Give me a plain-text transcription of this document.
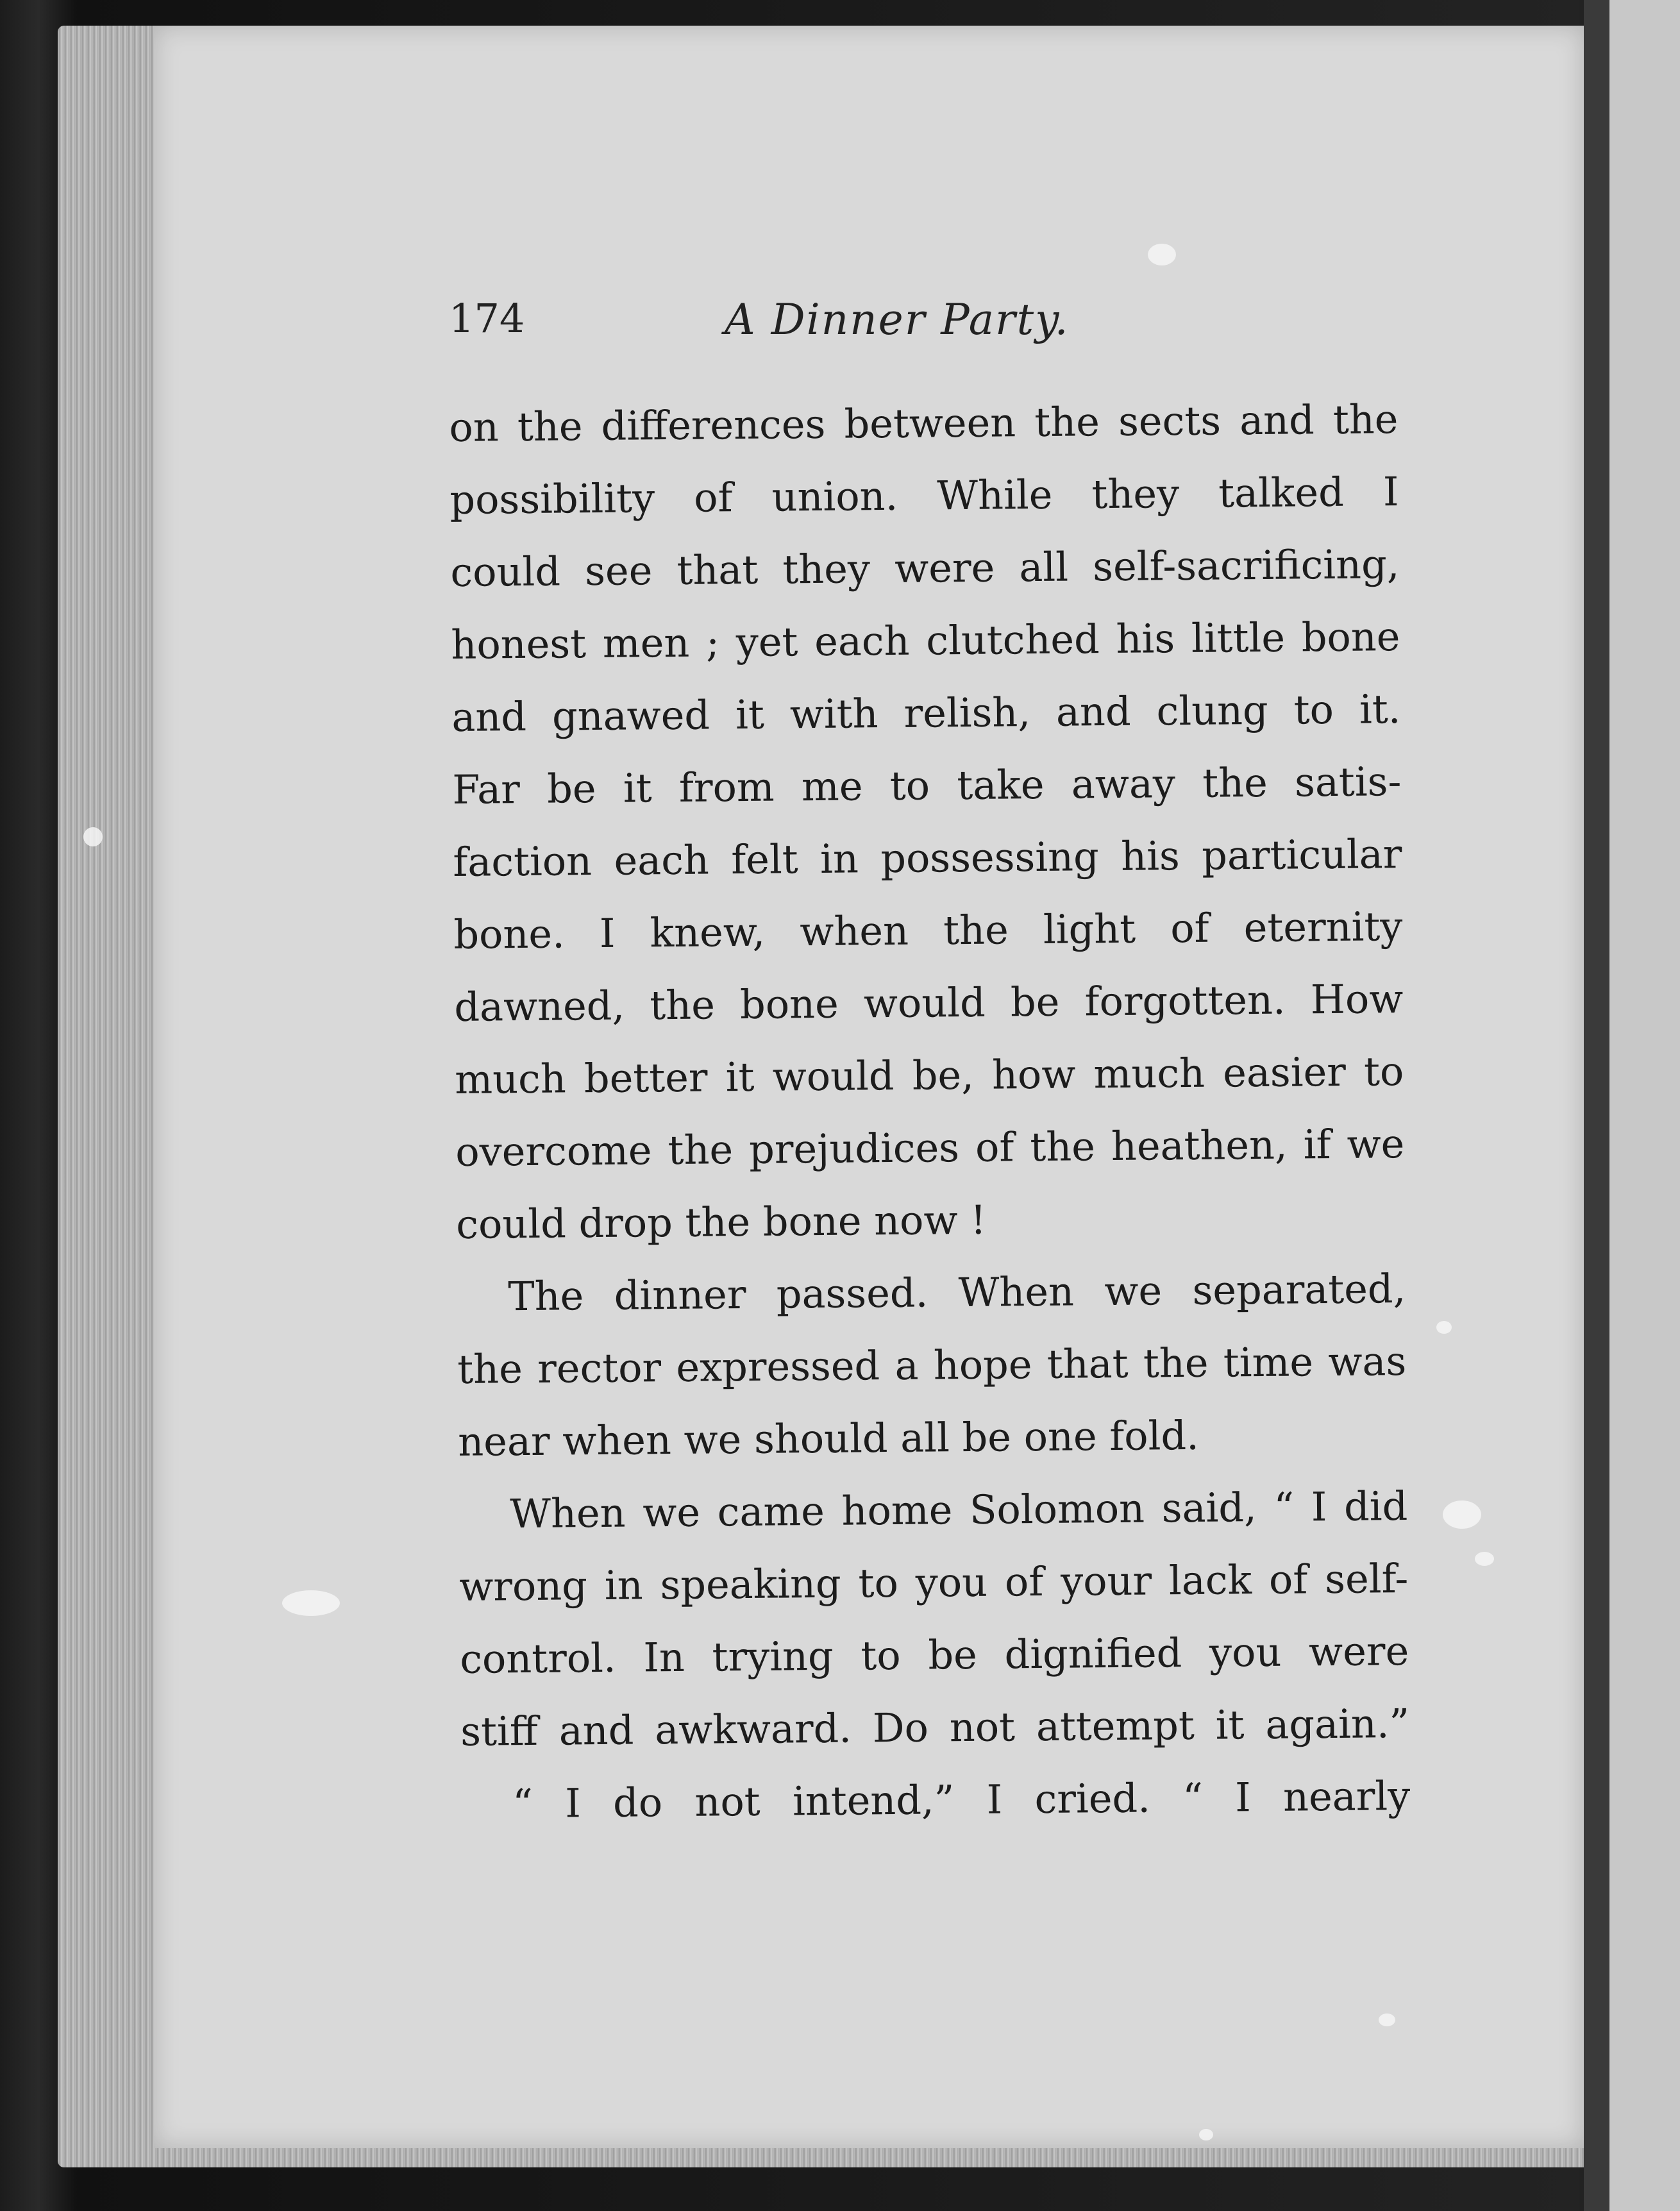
174	A Dinner Party.

on the differences between the sects and the

possibility of union. While they talked I

could see that they were all self-sacrificing,

honest men ; yet each clutched his little bone

and gnawed it with relish, and clung to it.

Far be it from me to take away the satis-

faction each felt in possessing his particular

bone. I knew, when the light of eternity

dawned, the bone would be forgotten. How

much better it would be, how much easier to

overcome the prejudices of the heathen, if we

could drop the bone now !

The dinner passed. When we separated,

the rector expressed a hope that the time was

near when we should all be one fold.

When we came home Solomon said, “ I did

wrong in speaking to you of your lack of self-

control. In trying to be dignified you were

stiff and awkward. Do not attempt it again.”

“ I do not intend,” I cried. “ I nearly
